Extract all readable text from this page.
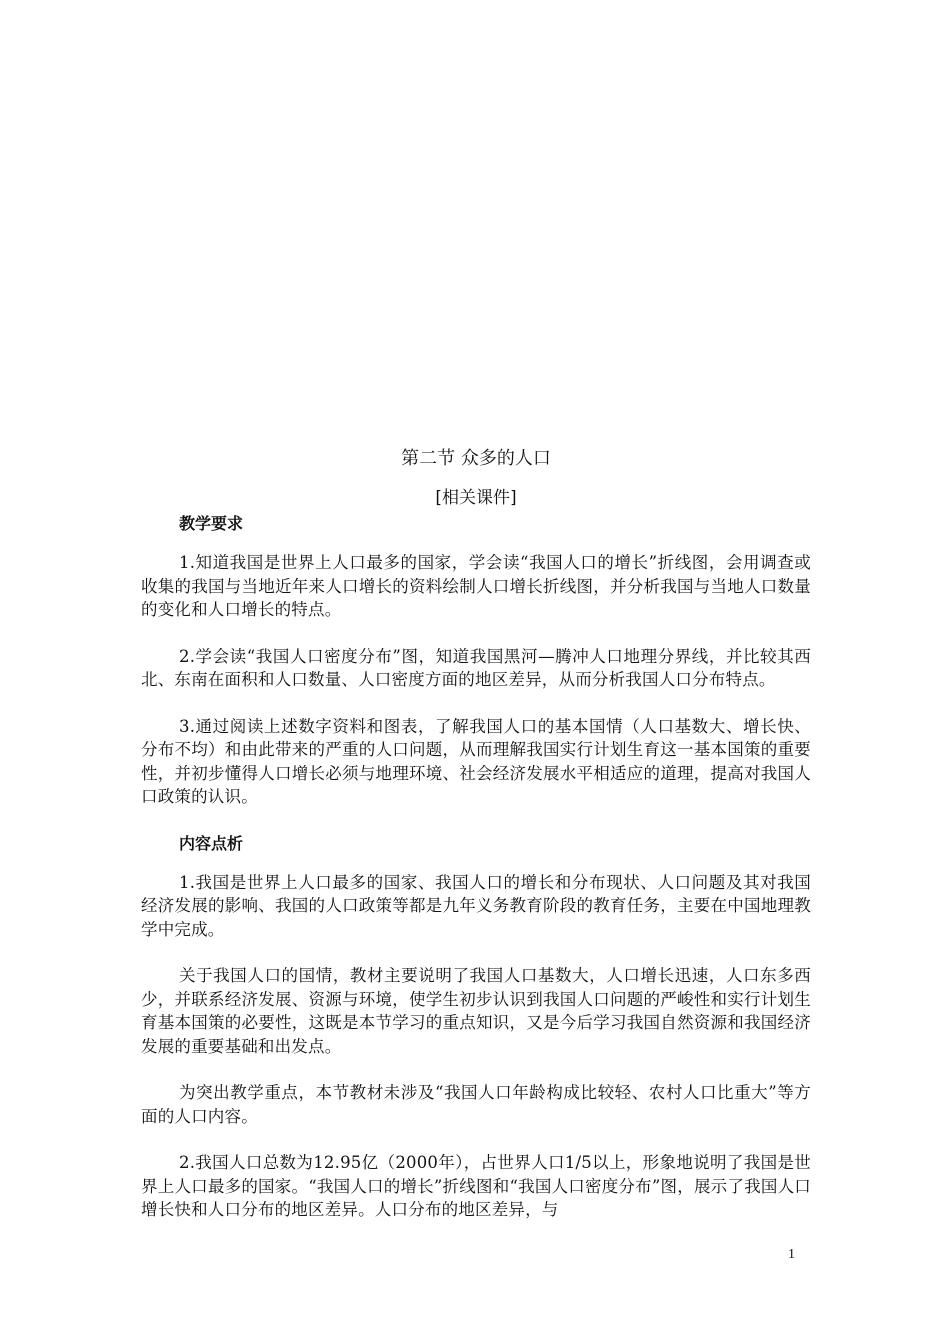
第二节 众多的人口
[相关课件]
教学要求

1.知道我国是世界上人口最多的国家，学会读“我国人口的增长”折线图，会用调查或收集的我国与当地近年来人口增长的资料绘制人口增长折线图，并分析我国与当地人口数量的变化和人口增长的特点。

2.学会读“我国人口密度分布”图，知道我国黑河—腾冲人口地理分界线，并比较其西北、东南在面积和人口数量、人口密度方面的地区差异，从而分析我国人口分布特点。

3.通过阅读上述数字资料和图表，了解我国人口的基本国情（人口基数大、增长快、分布不均）和由此带来的严重的人口问题，从而理解我国实行计划生育这一基本国策的重要性，并初步懂得人口增长必须与地理环境、社会经济发展水平相适应的道理，提高对我国人口政策的认识。

内容点析

1.我国是世界上人口最多的国家、我国人口的增长和分布现状、人口问题及其对我国经济发展的影响、我国的人口政策等都是九年义务教育阶段的教育任务，主要在中国地理教学中完成。

关于我国人口的国情，教材主要说明了我国人口基数大，人口增长迅速，人口东多西少，并联系经济发展、资源与环境，使学生初步认识到我国人口问题的严峻性和实行计划生育基本国策的必要性，这既是本节学习的重点知识，又是今后学习我国自然资源和我国经济发展的重要基础和出发点。

为突出教学重点，本节教材未涉及“我国人口年龄构成比较轻、农村人口比重大”等方面的人口内容。

2.我国人口总数为12.95亿（2000年），占世界人口1/5以上，形象地说明了我国是世界上人口最多的国家。“我国人口的增长”折线图和“我国人口密度分布”图，展示了我国人口增长快和人口分布的地区差异。人口分布的地区差异，与

1
